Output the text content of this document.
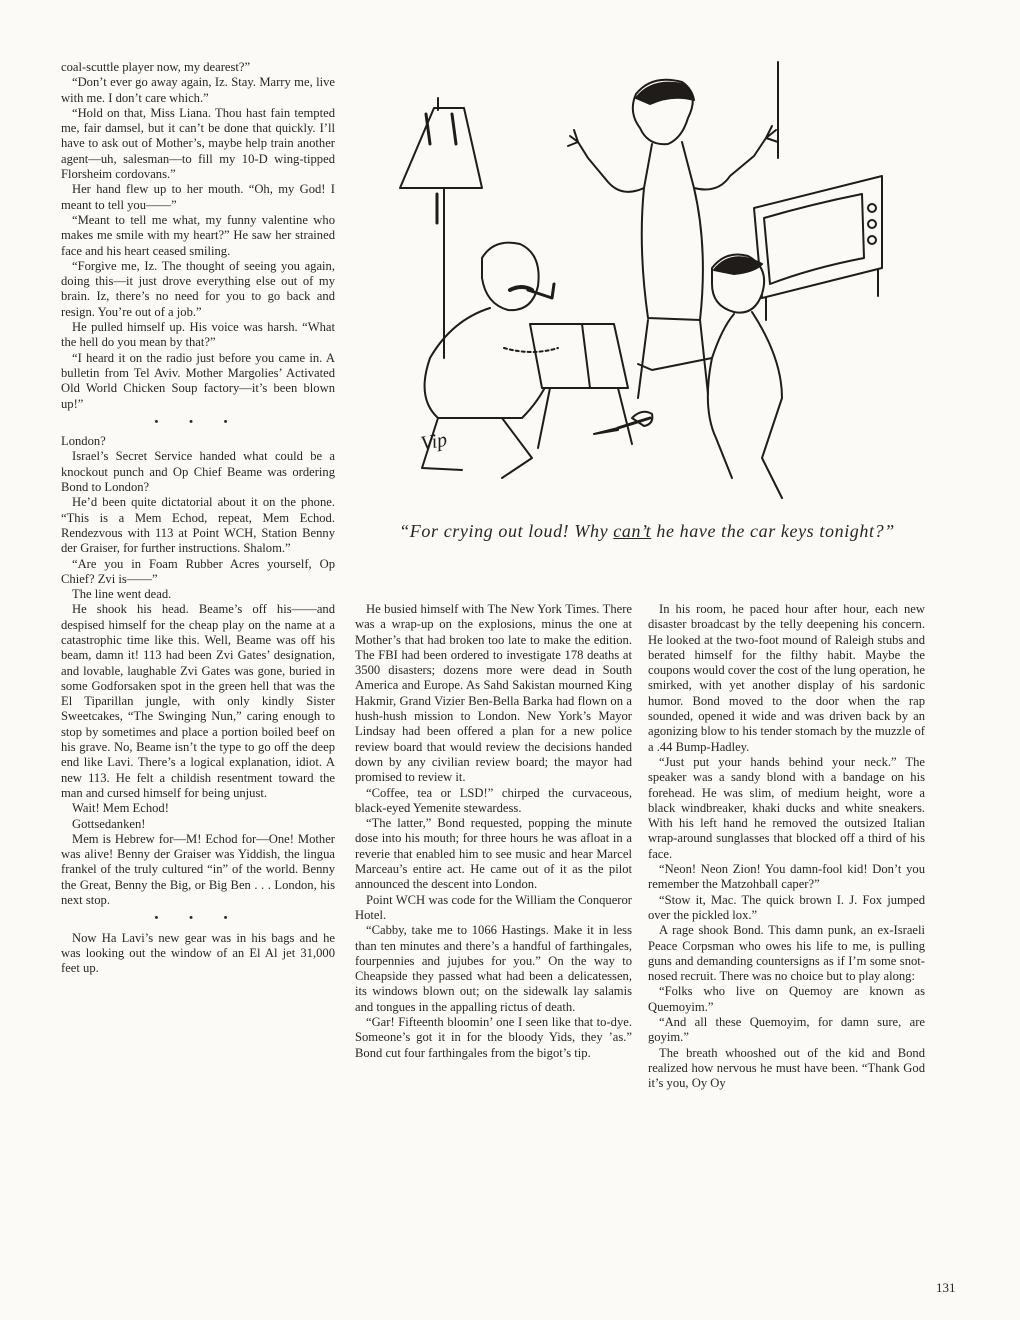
coal-scuttle player now, my dearest?”

“Don’t ever go away again, Iz. Stay. Marry me, live with me. I don’t care which.”

“Hold on that, Miss Liana. Thou hast fain tempted me, fair damsel, but it can’t be done that quickly. I’ll have to ask out of Mother’s, maybe help train another agent—uh, salesman—to fill my 10-D wing-tipped Florsheim cordovans.”

Her hand flew up to her mouth. “Oh, my God! I meant to tell you——”

“Meant to tell me what, my funny valentine who makes me smile with my heart?” He saw her strained face and his heart ceased smiling.

“Forgive me, Iz. The thought of seeing you again, doing this—it just drove everything else out of my brain. Iz, there’s no need for you to go back and resign. You’re out of a job.”

He pulled himself up. His voice was harsh. “What the hell do you mean by that?”

“I heard it on the radio just before you came in. A bulletin from Tel Aviv. Mother Margolies’ Activated Old World Chicken Soup factory—it’s been blown up!”

• • •

London?

Israel’s Secret Service handed what could be a knockout punch and Op Chief Beame was ordering Bond to London?

He’d been quite dictatorial about it on the phone. “This is a Mem Echod, repeat, Mem Echod. Rendezvous with 113 at Point WCH, Station Benny der Graiser, for further instructions. Shalom.”

“Are you in Foam Rubber Acres yourself, Op Chief? Zvi is——”

The line went dead.

He shook his head. Beame’s off his——and despised himself for the cheap play on the name at a catastrophic time like this. Well, Beame was off his beam, damn it! 113 had been Zvi Gates’ designation, and lovable, laughable Zvi Gates was gone, buried in some Godforsaken spot in the green hell that was the El Tiparillan jungle, with only kindly Sister Sweetcakes, “The Swinging Nun,” caring enough to stop by sometimes and place a portion boiled beef on his grave. No, Beame isn’t the type to go off the deep end like Lavi. There’s a logical explanation, idiot. A new 113. He felt a childish resentment toward the man and cursed himself for being unjust.

Wait! Mem Echod!

Gottsedanken!

Mem is Hebrew for—M! Echod for—One! Mother was alive! Benny der Graiser was Yiddish, the lingua frankel of the truly cultured “in” of the world. Benny the Great, Benny the Big, or Big Ben . . . London, his next stop.

• • •

Now Ha Lavi’s new gear was in his bags and he was looking out the window of an El Al jet 31,000 feet up.

Vip
“For crying out loud! Why can’t he have the car keys tonight?”

He busied himself with The New York Times. There was a wrap-up on the explosions, minus the one at Mother’s that had broken too late to make the edition. The FBI had been ordered to investigate 178 deaths at 3500 disasters; dozens more were dead in South America and Europe. As Sahd Sakistan mourned King Hakmir, Grand Vizier Ben-Bella Barka had flown on a hush-hush mission to London. New York’s Mayor Lindsay had been offered a plan for a new police review board that would review the decisions handed down by any civilian review board; the mayor had promised to review it.

“Coffee, tea or LSD!” chirped the curvaceous, black-eyed Yemenite stewardess.

“The latter,” Bond requested, popping the minute dose into his mouth; for three hours he was afloat in a reverie that enabled him to see music and hear Marcel Marceau’s entire act. He came out of it as the pilot announced the descent into London.

Point WCH was code for the William the Conqueror Hotel.

“Cabby, take me to 1066 Hastings. Make it in less than ten minutes and there’s a handful of farthingales, fourpennies and jujubes for you.” On the way to Cheapside they passed what had been a delicatessen, its windows blown out; on the sidewalk lay salamis and tongues in the appalling rictus of death.

“Gar! Fifteenth bloomin’ one I seen like that to-dye. Someone’s got it in for the bloody Yids, they ’as.” Bond cut four farthingales from the bigot’s tip.

In his room, he paced hour after hour, each new disaster broadcast by the telly deepening his concern. He looked at the two-foot mound of Raleigh stubs and berated himself for the filthy habit. Maybe the coupons would cover the cost of the lung operation, he smirked, with yet another display of his sardonic humor. Bond moved to the door when the rap sounded, opened it wide and was driven back by an agonizing blow to his tender stomach by the muzzle of a .44 Bump-Hadley.

“Just put your hands behind your neck.” The speaker was a sandy blond with a bandage on his forehead. He was slim, of medium height, wore a black windbreaker, khaki ducks and white sneakers. With his left hand he removed the outsized Italian wrap-around sunglasses that blocked off a third of his face.

“Neon! Neon Zion! You damn-fool kid! Don’t you remember the Matzohball caper?”

“Stow it, Mac. The quick brown I. J. Fox jumped over the pickled lox.”

A rage shook Bond. This damn punk, an ex-Israeli Peace Corpsman who owes his life to me, is pulling guns and demanding countersigns as if I’m some snot-nosed recruit. There was no choice but to play along:

“Folks who live on Quemoy are known as Quemoyim.”

“And all these Quemoyim, for damn sure, are goyim.”

The breath whooshed out of the kid and Bond realized how nervous he must have been. “Thank God it’s you, Oy Oy

131
